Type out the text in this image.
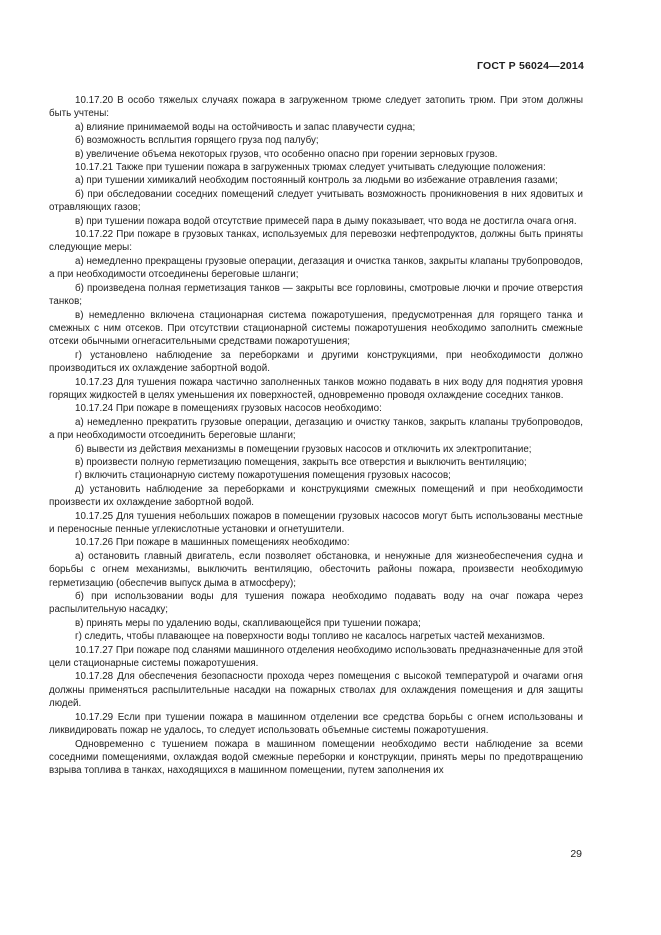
ГОСТ Р 56024—2014

10.17.20 В особо тяжелых случаях пожара в загруженном трюме следует затопить трюм. При этом должны быть учтены:

а) влияние принимаемой воды на остойчивость и запас плавучести судна;

б) возможность всплытия горящего груза под палубу;

в) увеличение объема некоторых грузов, что особенно опасно при горении зерновых грузов.

10.17.21 Также при тушении пожара в загруженных трюмах следует учитывать следующие положения:

а) при тушении химикалий необходим постоянный контроль за людьми во избежание отравления газами;

б) при обследовании соседних помещений следует учитывать возможность проникновения в них ядовитых и отравляющих газов;

в) при тушении пожара водой отсутствие примесей пара в дыму показывает, что вода не достигла очага огня.

10.17.22 При пожаре в грузовых танках, используемых для перевозки нефтепродуктов, должны быть приняты следующие меры:

а) немедленно прекращены грузовые операции, дегазация и очистка танков, закрыты клапаны трубопроводов, а при необходимости отсоединены береговые шланги;

б) произведена полная герметизация танков — закрыты все горловины, смотровые лючки и прочие отверстия танков;

в) немедленно включена стационарная система пожаротушения, предусмотренная для горящего танка и смежных с ним отсеков. При отсутствии стационарной системы пожаротушения необходимо заполнить смежные отсеки обычными огнегасительными средствами пожаротушения;

г) установлено наблюдение за переборками и другими конструкциями, при необходимости должно производиться их охлаждение забортной водой.

10.17.23 Для тушения пожара частично заполненных танков можно подавать в них воду для поднятия уровня горящих жидкостей в целях уменьшения их поверхностей, одновременно проводя охлаждение соседних танков.

10.17.24 При пожаре в помещениях грузовых насосов необходимо:

а) немедленно прекратить грузовые операции, дегазацию и очистку танков, закрыть клапаны трубопроводов, а при необходимости отсоединить береговые шланги;

б) вывести из действия механизмы в помещении грузовых насосов и отключить их электропитание;

в) произвести полную герметизацию помещения, закрыть все отверстия и выключить вентиляцию;

г) включить стационарную систему пожаротушения помещения грузовых насосов;

д) установить наблюдение за переборками и конструкциями смежных помещений и при необходимости произвести их охлаждение забортной водой.

10.17.25 Для тушения небольших пожаров в помещении грузовых насосов могут быть использованы местные и переносные пенные углекислотные установки и огнетушители.

10.17.26 При пожаре в машинных помещениях необходимо:

а) остановить главный двигатель, если позволяет обстановка, и ненужные для жизнеобеспечения судна и борьбы с огнем механизмы, выключить вентиляцию, обесточить районы пожара, произвести необходимую герметизацию (обеспечив выпуск дыма в атмосферу);

б) при использовании воды для тушения пожара необходимо подавать воду на очаг пожара через распылительную насадку;

в) принять меры по удалению воды, скапливающейся при тушении пожара;

г) следить, чтобы плавающее на поверхности воды топливо не касалось нагретых частей механизмов.

10.17.27 При пожаре под сланями машинного отделения необходимо использовать предназначенные для этой цели стационарные системы пожаротушения.

10.17.28 Для обеспечения безопасности прохода через помещения с высокой температурой и очагами огня должны применяться распылительные насадки на пожарных стволах для охлаждения помещения и для защиты людей.

10.17.29 Если при тушении пожара в машинном отделении все средства борьбы с огнем использованы и ликвидировать пожар не удалось, то следует использовать объемные системы пожаротушения.

Одновременно с тушением пожара в машинном помещении необходимо вести наблюдение за всеми соседними помещениями, охлаждая водой смежные переборки и конструкции, принять меры по предотвращению взрыва топлива в танках, находящихся в машинном помещении, путем заполнения их

29
